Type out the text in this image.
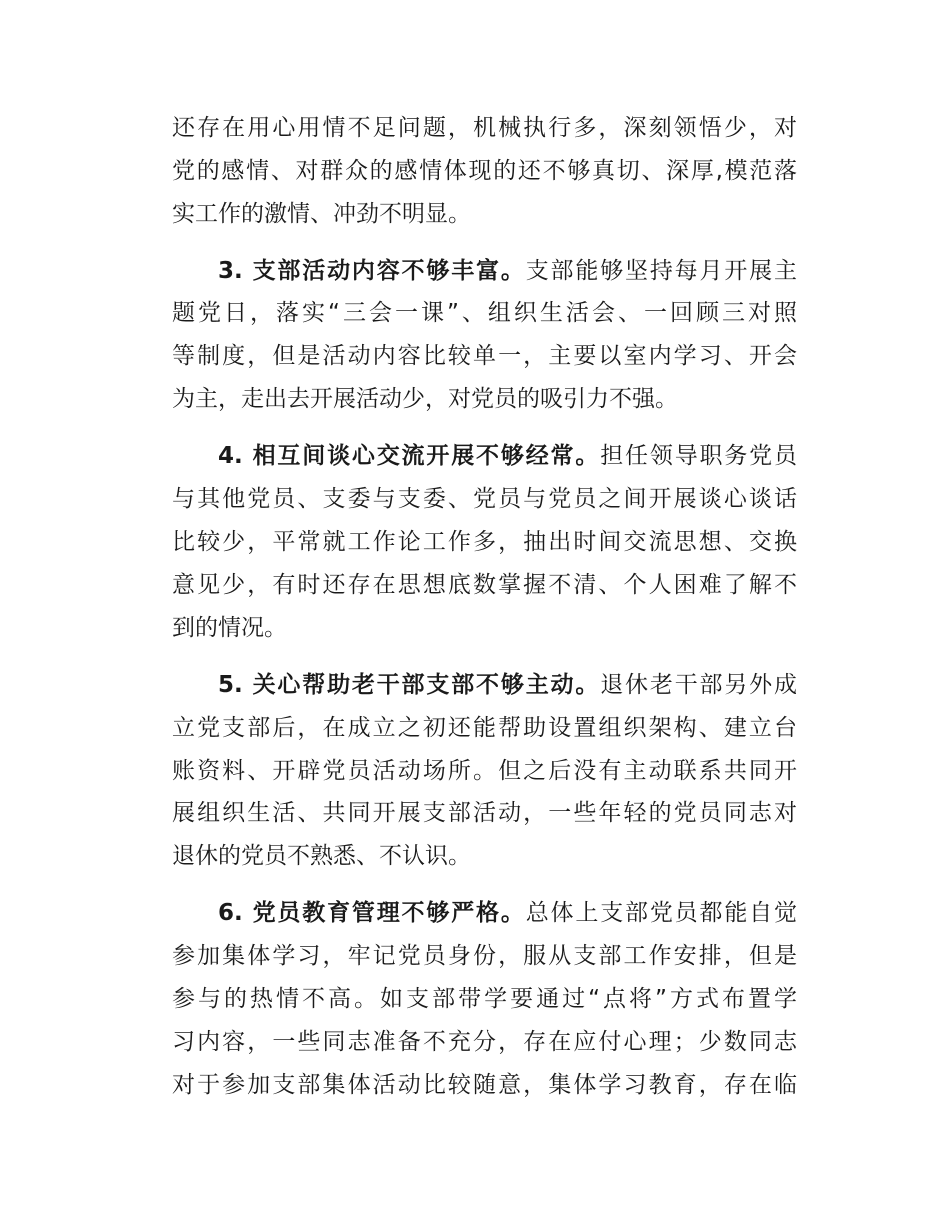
还存在用心用情不足问题，机械执行多，深刻领悟少，对
党的感情、对群众的感情体现的还不够真切、深厚,模范落
实工作的激情、冲劲不明显。
3. 支部活动内容不够丰富。支部能够坚持每月开展主
题党日，落实“三会一课”、组织生活会、一回顾三对照
等制度，但是活动内容比较单一，主要以室内学习、开会
为主，走出去开展活动少，对党员的吸引力不强。
4. 相互间谈心交流开展不够经常。担任领导职务党员
与其他党员、支委与支委、党员与党员之间开展谈心谈话
比较少，平常就工作论工作多，抽出时间交流思想、交换
意见少，有时还存在思想底数掌握不清、个人困难了解不
到的情况。
5. 关心帮助老干部支部不够主动。退休老干部另外成
立党支部后，在成立之初还能帮助设置组织架构、建立台
账资料、开辟党员活动场所。但之后没有主动联系共同开
展组织生活、共同开展支部活动，一些年轻的党员同志对
退休的党员不熟悉、不认识。
6. 党员教育管理不够严格。总体上支部党员都能自觉
参加集体学习，牢记党员身份，服从支部工作安排，但是
参与的热情不高。如支部带学要通过“点将”方式布置学
习内容，一些同志准备不充分，存在应付心理；少数同志
对于参加支部集体活动比较随意，集体学习教育，存在临
